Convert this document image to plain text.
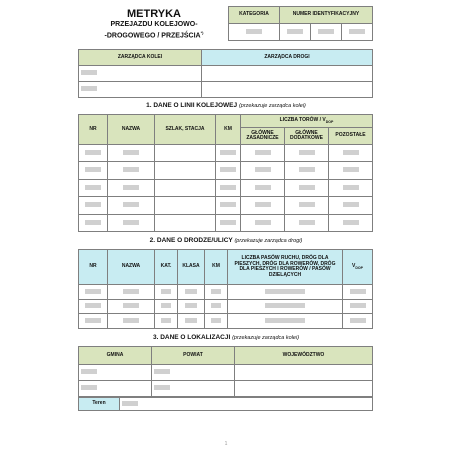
METRYKA
PRZEJAZDU KOLEJOWO-
-DROGOWEGO / PRZEJŚCIA*)
KATEGORIA	NUMER IDENTYFIKACYJNY		

ZARZĄDCA KOLEI	ZARZĄDCA DROGI

1. DANE O LINII KOLEJOWEJ (przekazuje zarządca kolei)
NR	NAZWA	SZLAK, STACJA	KM	LICZBA TORÓW / $V_{DOP}$
				GŁÓWNE ZASADNICZE	GŁÓWNE DODATKOWE	POZOSTAŁE

2. DANE O DRODZE/ULICY (przekazuje zarządca drogi)
NR	NAZWA	KAT.	KLASA	KM	LICZBA PASÓW RUCHU, DRÓG DLA PIESZYCH, DRÓG DLA ROWERÓW, DRÓG DLA PIESZYCH I ROWERÓW / PASÓW DZIELĄCYCH	$V_{DOP}$

3. DANE O LOKALIZACJI (przekazuje zarządca kolei)
GMINA	POWIAT	WOJEWÓDZTWO

Teren	
1
